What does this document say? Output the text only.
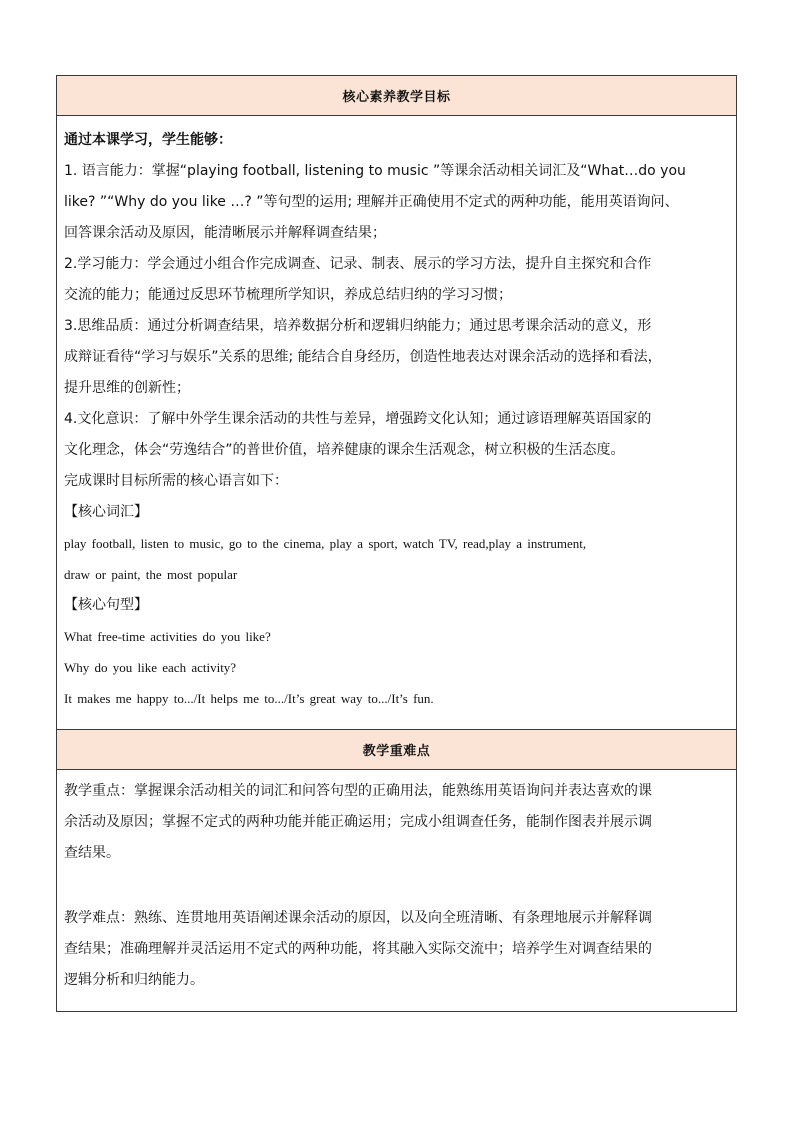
核心素养教学目标
通过本课学习，学生能够：
1. 语言能力：掌握“playing football, listening to music ”等课余活动相关词汇及“What…do you
like? ”“Why do you like …? ”等句型的运用; 理解并正确使用不定式的两种功能，能用英语询问、
回答课余活动及原因，能清晰展示并解释调查结果；
2.学习能力：学会通过小组合作完成调查、记录、制表、展示的学习方法，提升自主探究和合作
交流的能力；能通过反思环节梳理所学知识，养成总结归纳的学习习惯；
3.思维品质：通过分析调查结果，培养数据分析和逻辑归纳能力；通过思考课余活动的意义，形
成辩证看待“学习与娱乐”关系的思维; 能结合自身经历，创造性地表达对课余活动的选择和看法，
提升思维的创新性；
4.文化意识：了解中外学生课余活动的共性与差异，增强跨文化认知；通过谚语理解英语国家的
文化理念，体会“劳逸结合”的普世价值，培养健康的课余生活观念，树立积极的生活态度。
完成课时目标所需的核心语言如下：
【核心词汇】
play football, listen to music, go to the cinema, play a sport, watch TV, read,play a instrument,
draw or paint, the most popular
【核心句型】
What free-time activities do you like?
Why do you like each activity?
It makes me happy to.../It helps me to.../It’s great way to.../It’s fun.
教学重难点
教学重点：掌握课余活动相关的词汇和问答句型的正确用法，能熟练用英语询问并表达喜欢的课
余活动及原因；掌握不定式的两种功能并能正确运用；完成小组调查任务，能制作图表并展示调
查结果。
教学难点：熟练、连贯地用英语阐述课余活动的原因，以及向全班清晰、有条理地展示并解释调
查结果；准确理解并灵活运用不定式的两种功能，将其融入实际交流中；培养学生对调查结果的
逻辑分析和归纳能力。
